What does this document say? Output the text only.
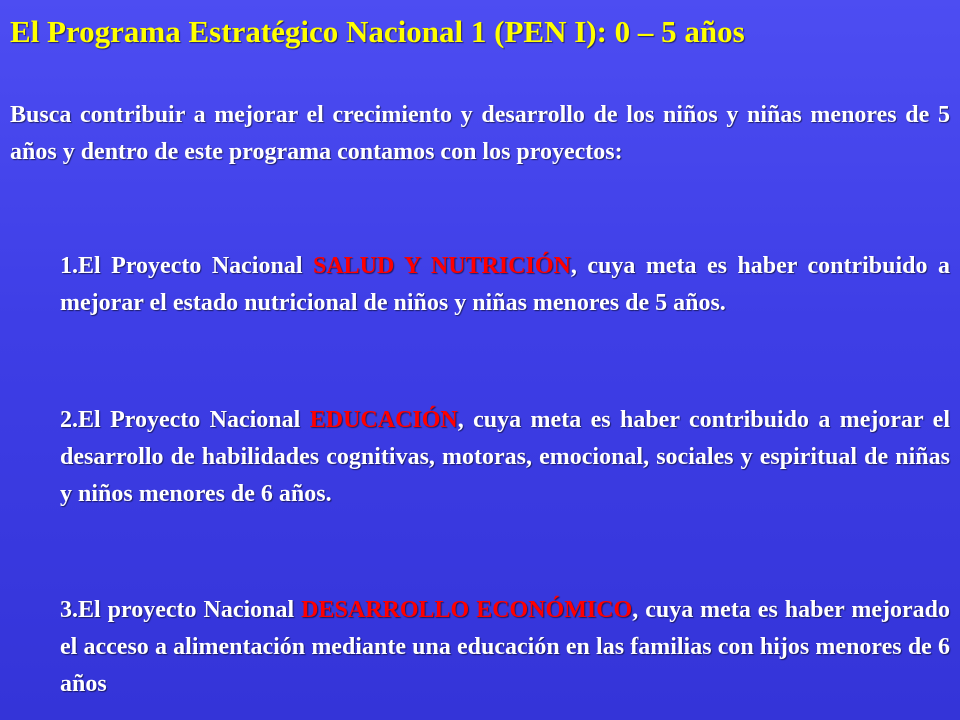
El Programa Estratégico Nacional 1 (PEN I): 0 – 5 años
Busca contribuir a mejorar el crecimiento y desarrollo de los niños y niñas menores de 5 años y dentro de este programa contamos con los proyectos:
1.El Proyecto Nacional SALUD Y NUTRICIÓN, cuya meta es haber contribuido a mejorar el estado nutricional de niños y niñas menores de 5 años.
2.El Proyecto Nacional EDUCACIÓN, cuya meta es haber contribuido a mejorar el desarrollo de habilidades cognitivas, motoras, emocional, sociales y espiritual de niñas y niños menores de 6 años.
3.El proyecto Nacional DESARROLLO ECONÓMICO, cuya meta es haber mejorado el acceso a alimentación mediante una educación en las familias con hijos menores de 6 años
